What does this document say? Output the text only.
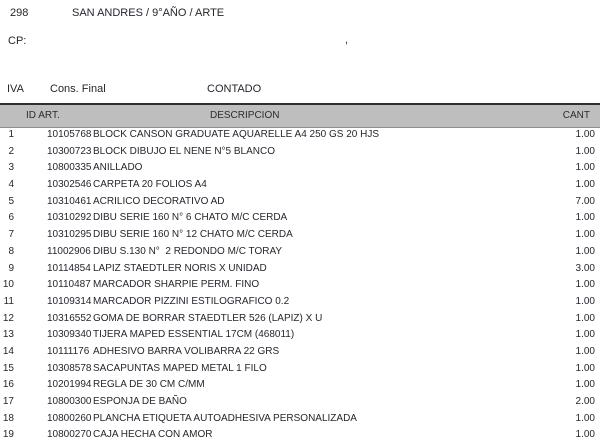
298	SAN ANDRES / 9°AÑO / ARTE
CP:	,
IVA Cons. Final	CONTADO
ID ART.	DESCRIPCION	CANT
1	10105768 BLOCK CANSON GRADUATE AQUARELLE A4 250 GS 20 HJS	1.00
2	10300723 BLOCK DIBUJO EL NENE N°5 BLANCO	1.00
3	10800335 ANILLADO	1.00
4	10302546 CARPETA 20 FOLIOS A4	1.00
5	10310461 ACRILICO DECORATIVO AD	7.00
6	10310292 DIBU SERIE 160 N° 6 CHATO M/C CERDA	1.00
7	10310295 DIBU SERIE 160 N° 12 CHATO M/C CERDA	1.00
8	11002906 DIBU S.130 N°  2 REDONDO M/C TORAY	1.00
9	10114854 LAPIZ STAEDTLER NORIS X UNIDAD	3.00
10	10110487 MARCADOR SHARPIE PERM. FINO	1.00
11	10109314 MARCADOR PIZZINI ESTILOGRAFICO 0.2	1.00
12	10316552 GOMA DE BORRAR STAEDTLER 526 (LAPIZ) X U	1.00
13	10309340 TIJERA MAPED ESSENTIAL 17CM (468011)	1.00
14	10111176 ADHESIVO BARRA VOLIBARRA 22 GRS	1.00
15	10308578 SACAPUNTAS MAPED METAL 1 FILO	1.00
16	10201994 REGLA DE 30 CM C/MM	1.00
17	10800300 ESPONJA DE BAÑO	2.00
18	10800260 PLANCHA ETIQUETA AUTOADHESIVA PERSONALIZADA	1.00
19	10800270 CAJA HECHA CON AMOR	1.00
